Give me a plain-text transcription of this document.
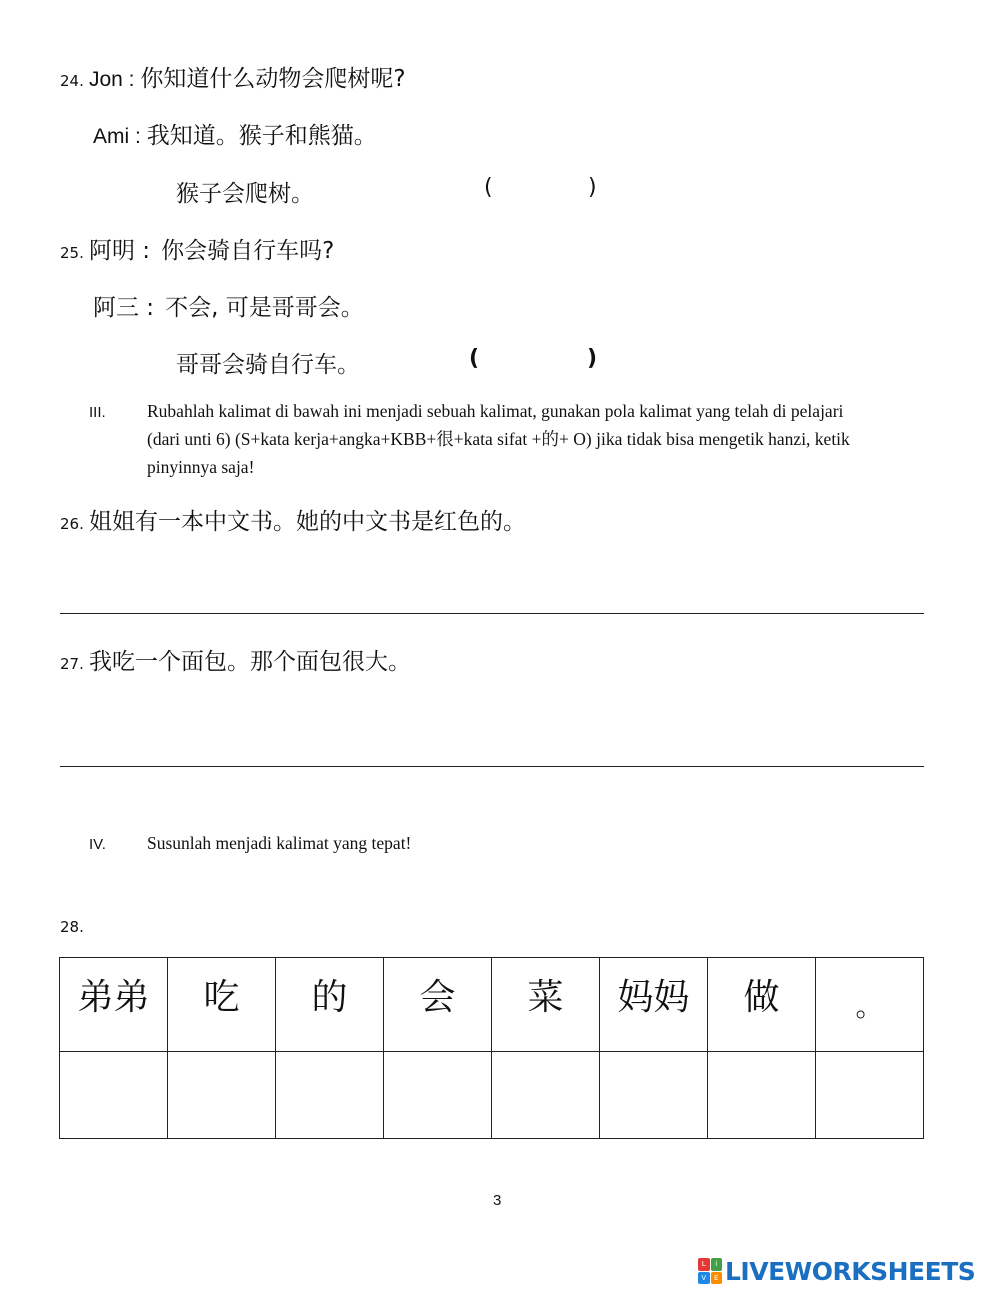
24. Jon : 你知道什么动物会爬树呢?
Ami : 我知道。猴子和熊猫。
猴子会爬树。	(	)
25. 阿明 : 你会骑自行车吗?
阿三 : 不会, 可是哥哥会。
哥哥会骑自行车。	(	)
III. Rubahlah kalimat di bawah ini menjadi sebuah kalimat, gunakan pola kalimat yang telah di pelajari
(dari unti 6) (S+kata kerja+angka+KBB+很+kata sifat +的+ O) jika tidak bisa mengetik hanzi, ketik
pinyinnya saja!
26. 姐姐有一本中文书。她的中文书是红色的。
27. 我吃一个面包。那个面包很大。
IV. Susunlah menjadi kalimat yang tepat!
28.
弟弟	吃	的	会	菜	妈妈	做	。

3
L	i
V	E LIVEWORKSHEETS
